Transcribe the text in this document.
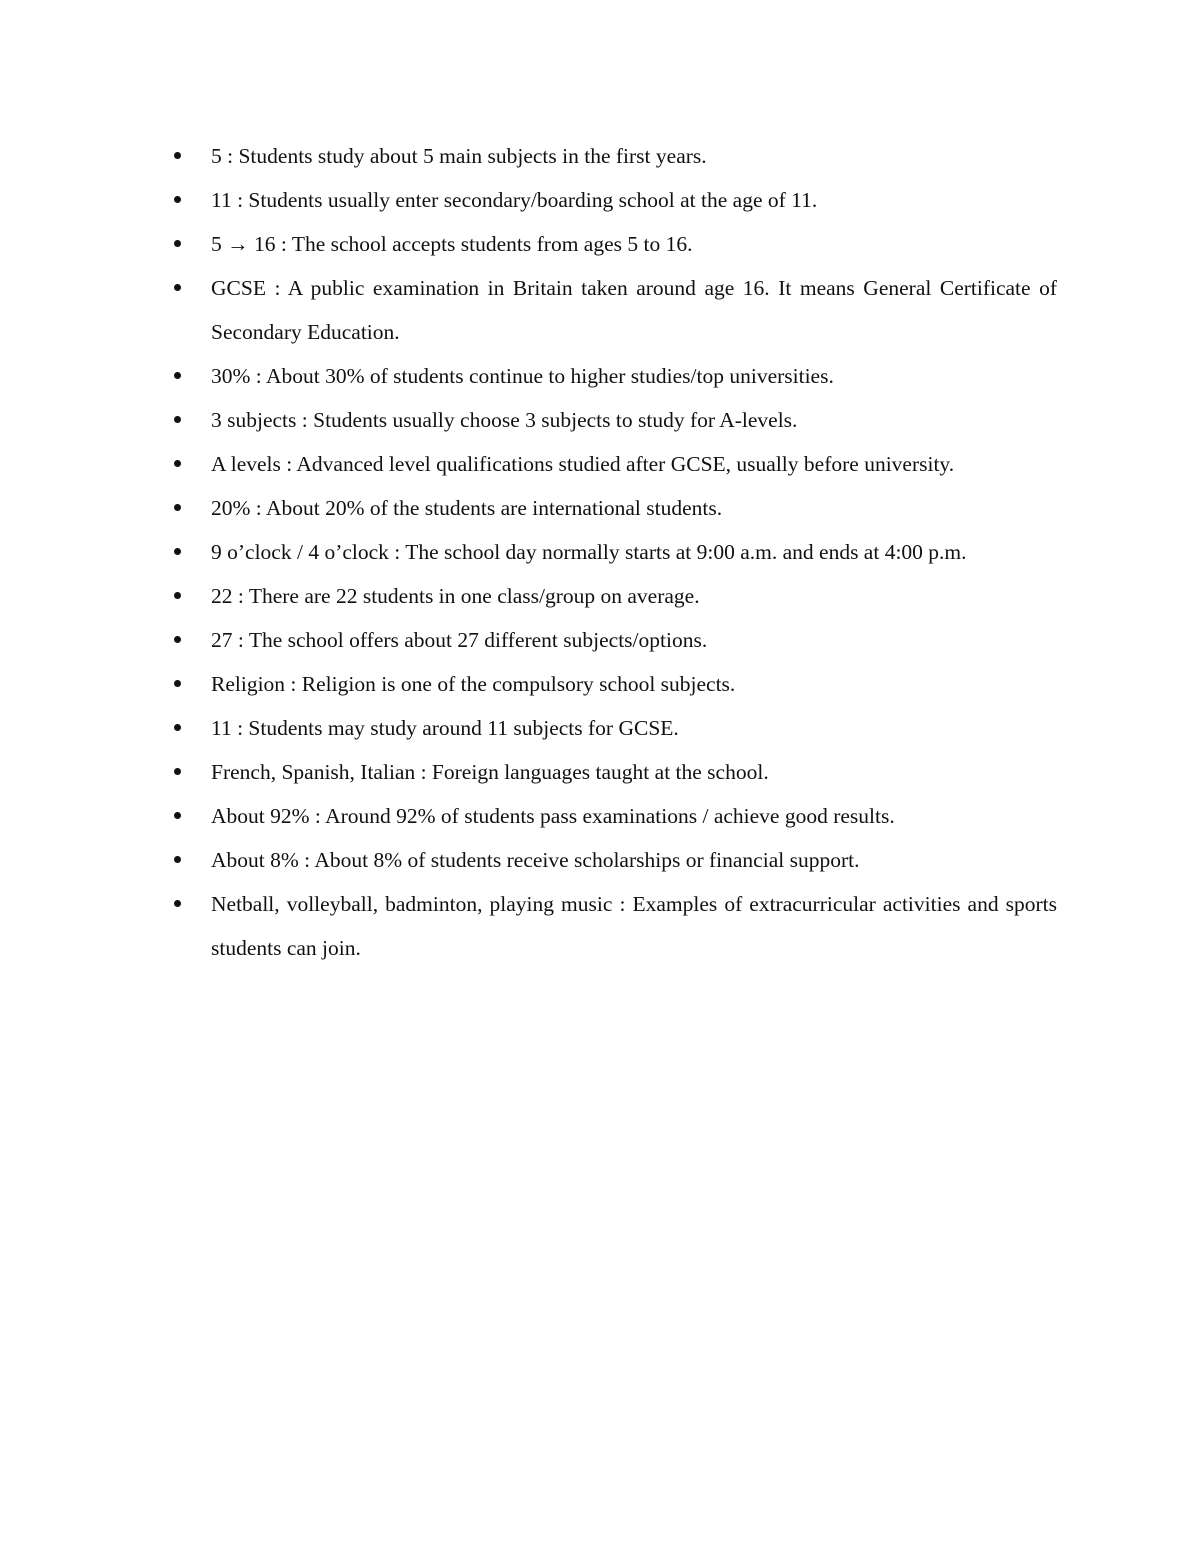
5 : Students study about 5 main subjects in the first years.
11 : Students usually enter secondary/boarding school at the age of 11.
5 → 16 : The school accepts students from ages 5 to 16.
GCSE : A public examination in Britain taken around age 16. It means General Certificate of Secondary Education.
30% : About 30% of students continue to higher studies/top universities.
3 subjects : Students usually choose 3 subjects to study for A-levels.
A levels : Advanced level qualifications studied after GCSE, usually before university.
20% : About 20% of the students are international students.
9 o’clock / 4 o’clock : The school day normally starts at 9:00 a.m. and ends at 4:00 p.m.
22 : There are 22 students in one class/group on average.
27 : The school offers about 27 different subjects/options.
Religion : Religion is one of the compulsory school subjects.
11 : Students may study around 11 subjects for GCSE.
French, Spanish, Italian : Foreign languages taught at the school.
About 92% : Around 92% of students pass examinations / achieve good results.
About 8% : About 8% of students receive scholarships or financial support.
Netball, volleyball, badminton, playing music : Examples of extracurricular activities and sports students can join.
